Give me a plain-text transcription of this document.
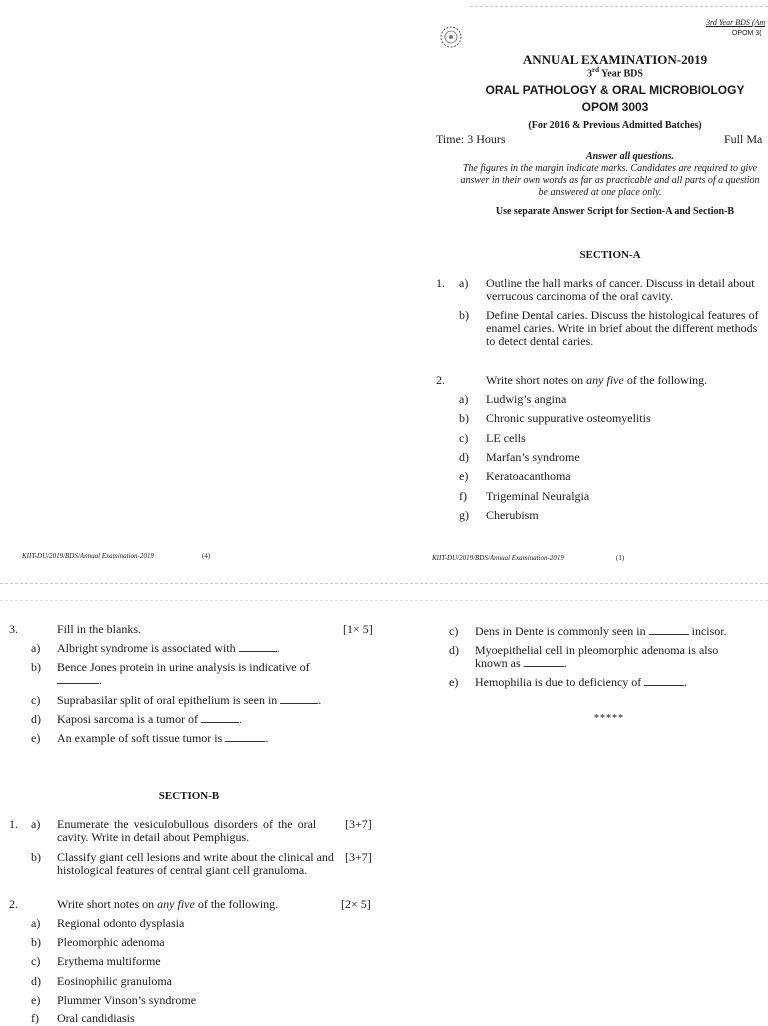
3rd Year BDS (Am
OPOM 3(
ANNUAL EXAMINATION-2019
3rd Year BDS
ORAL PATHOLOGY & ORAL MICROBIOLOGY
OPOM 3003
(For 2016 & Previous Admitted Batches)
Time: 3 Hours	Full Ma
Answer all questions.
The figures in the margin indicate marks. Candidates are required to give
answer in their own words as far as practicable and all parts of a question
be answered at one place only.
Use separate Answer Script for Section-A and Section-B
SECTION-A
1. a) Outline the hall marks of cancer. Discuss in detail about
verrucous carcinoma of the oral cavity.
b) Define Dental caries. Discuss the histological features of
enamel caries. Write in brief about the different methods
to detect dental caries.
2.	Write short notes on any five of the following.
a) Ludwig’s angina
b) Chronic suppurative osteomyelitis
c) LE cells
d) Marfan’s syndrome
e) Keratoacanthoma
f) Trigeminal Neuralgia
g) Cherubism
KIIT-DU/2019/BDS/Annual Examination-2019	(4)	KIIT-DU/2019/BDS/Annual Examination-2019	(1)
3.	Fill in the blanks.	[1× 5]
a) Albright syndrome is associated with	.
b) Bence Jones protein in urine analysis is indicative of
.
c) Suprabasilar split of oral epithelium is seen in	.
d) Kaposi sarcoma is a tumor of	.
e) An example of soft tissue tumor is	.
c) Dens in Dente is commonly seen in	incisor.
d) Myoepithelial cell in pleomorphic adenoma is also
known as	.
e) Hemophilia is due to deficiency of	.
*****
SECTION-B
1. a) Enumerate the vesiculobullous disorders of the oral
cavity. Write in detail about Pemphigus.
[3+7]
b) Classify giant cell lesions and write about the clinical and
histological features of central giant cell granuloma.
[3+7]
2.	Write short notes on any five of the following.	[2× 5]
a) Regional odonto dysplasia
b) Pleomorphic adenoma
c) Erythema multiforme
d) Eosinophilic granuloma
e) Plummer Vinson’s syndrome
f) Oral candidiasis
